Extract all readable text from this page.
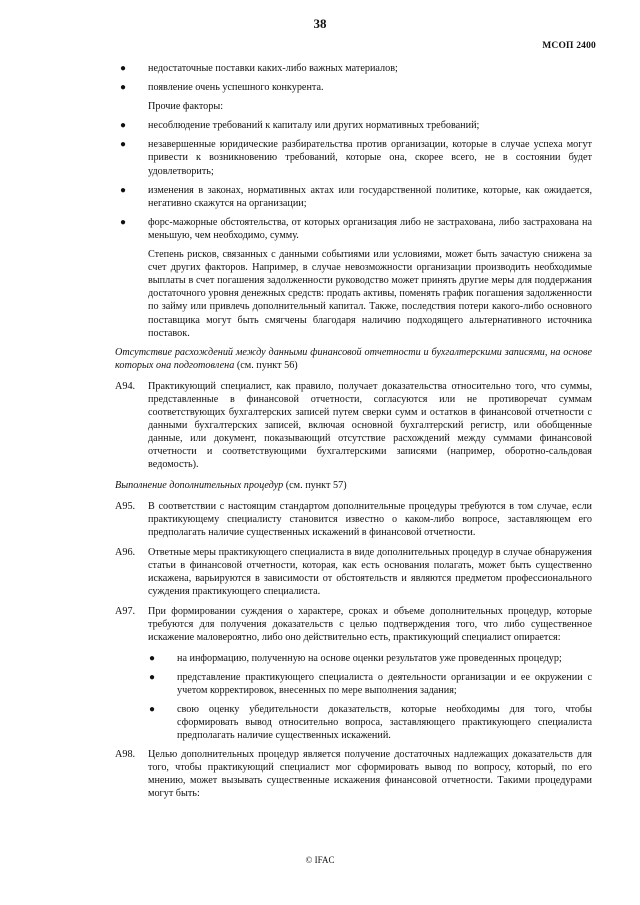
38
МСОП 2400
● недостаточные поставки каких-либо важных материалов;
● появление очень успешного конкурента.
Прочие факторы:
● несоблюдение требований к капиталу или других нормативных требований;
● незавершенные юридические разбирательства против организации, которые в случае успеха могут привести к возникновению требований, которые она, скорее всего, не в состоянии будет удовлетворить;
● изменения в законах, нормативных актах или государственной политике, которые, как ожидается, негативно скажутся на организации;
● форс-мажорные обстоятельства, от которых организация либо не застрахована, либо застрахована на меньшую, чем необходимо, сумму.
Степень рисков, связанных с данными событиями или условиями, может быть зачастую снижена за счет других факторов. Например, в случае невозможности организации производить необходимые выплаты в счет погашения задолженности руководство может принять другие меры для поддержания достаточного уровня денежных средств: продать активы, поменять график погашения задолженности по займу или привлечь дополнительный капитал. Также, последствия потери какого-либо основного поставщика могут быть смягчены благодаря наличию подходящего альтернативного источника поставок.
Отсутствие расхождений между данными финансовой отчетности и бухгалтерскими записями, на основе которых она подготовлена (см. пункт 56)
A94. Практикующий специалист, как правило, получает доказательства относительно того, что суммы, представленные в финансовой отчетности, согласуются или не противоречат суммам соответствующих бухгалтерских записей путем сверки сумм и остатков в финансовой отчетности с данными бухгалтерских записей, включая основной бухгалтерский регистр, или обобщенные данные, или документ, показывающий отсутствие расхождений между суммами финансовой отчетности и соответствующими бухгалтерскими записями (например, оборотно-сальдовая ведомость).
Выполнение дополнительных процедур (см. пункт 57)
A95. В соответствии с настоящим стандартом дополнительные процедуры требуются в том случае, если практикующему специалисту становится известно о каком-либо вопросе, заставляющем его предполагать наличие существенных искажений в финансовой отчетности.
A96. Ответные меры практикующего специалиста в виде дополнительных процедур в случае обнаружения статьи в финансовой отчетности, которая, как есть основания полагать, может быть существенно искажена, варьируются в зависимости от обстоятельств и являются предметом профессионального суждения практикующего специалиста.
A97. При формировании суждения о характере, сроках и объеме дополнительных процедур, которые требуются для получения доказательств с целью подтверждения того, что либо существенное искажение маловероятно, либо оно действительно есть, практикующий специалист опирается:
● на информацию, полученную на основе оценки результатов уже проведенных процедур;
● представление практикующего специалиста о деятельности организации и ее окружении с учетом корректировок, внесенных по мере выполнения задания;
● свою оценку убедительности доказательств, которые необходимы для того, чтобы сформировать вывод относительно вопроса, заставляющего практикующего специалиста предполагать наличие существенных искажений.
A98. Целью дополнительных процедур является получение достаточных надлежащих доказательств для того, чтобы практикующий специалист мог сформировать вывод по вопросу, который, по его мнению, может вызывать существенные искажения финансовой отчетности. Такими процедурами могут быть:
© IFAC
